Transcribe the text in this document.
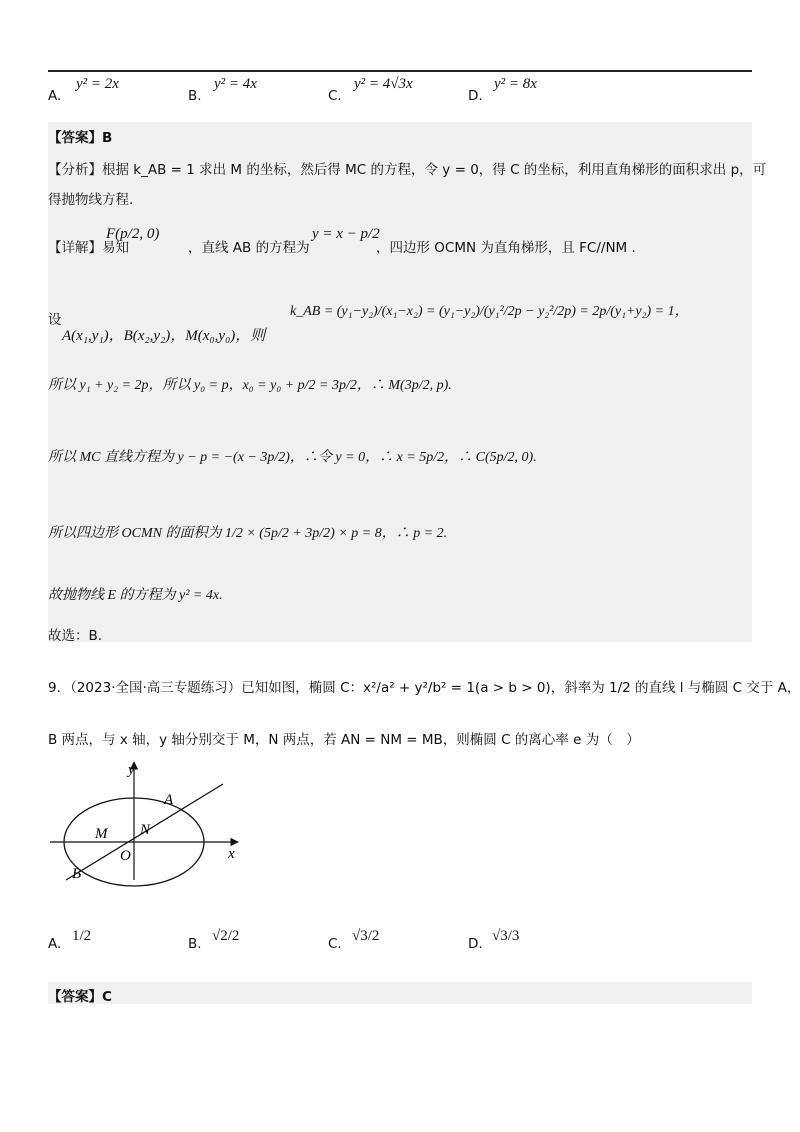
A.
y² = 2x
B.
y² = 4x
C.
y² = 4√3x
D.
y² = 8x
【答案】B
【分析】根据 k_AB = 1 求出 M 的坐标，然后得 MC 的方程，令 y = 0，得 C 的坐标，利用直角梯形的面积求出 p，可
得抛物线方程.
【详解】易知
F(p/2, 0)
，直线 AB 的方程为
y = x − p/2
，四边形 OCMN 为直角梯形，且 FC//NM .
设
A(x₁,y₁)，B(x₂,y₂)，M(x₀,y₀)，则
k_AB = (y₁−y₂)/(x₁−x₂) = (y₁−y₂)/(y₁²/2p − y₂²/2p) = 2p/(y₁+y₂) = 1，
所以 y₁ + y₂ = 2p，所以 y₀ = p，x₀ = y₀ + p/2 = 3p/2，∴ M(3p/2, p).
所以 MC 直线方程为 y − p = −(x − 3p/2)，∴令 y = 0，∴ x = 5p/2，∴ C(5p/2, 0).
所以四边形 OCMN 的面积为 1/2 × (5p/2 + 3p/2) × p = 8，∴ p = 2.
故抛物线 E 的方程为 y² = 4x.
故选：B.
9．（2023·全国·高三专题练习）已知如图，椭圆 C：x²/a² + y²/b² = 1(a > b > 0)，斜率为 1/2 的直线 l 与椭圆 C 交于 A，
B 两点，与 x 轴，y 轴分别交于 M，N 两点，若 AN = NM = MB，则椭圆 C 的离心率 e 为（　）
y
x
A
B
M N
O
A. 1/2	B. √2/2	C. √3/2	D. √3/3
【答案】C
